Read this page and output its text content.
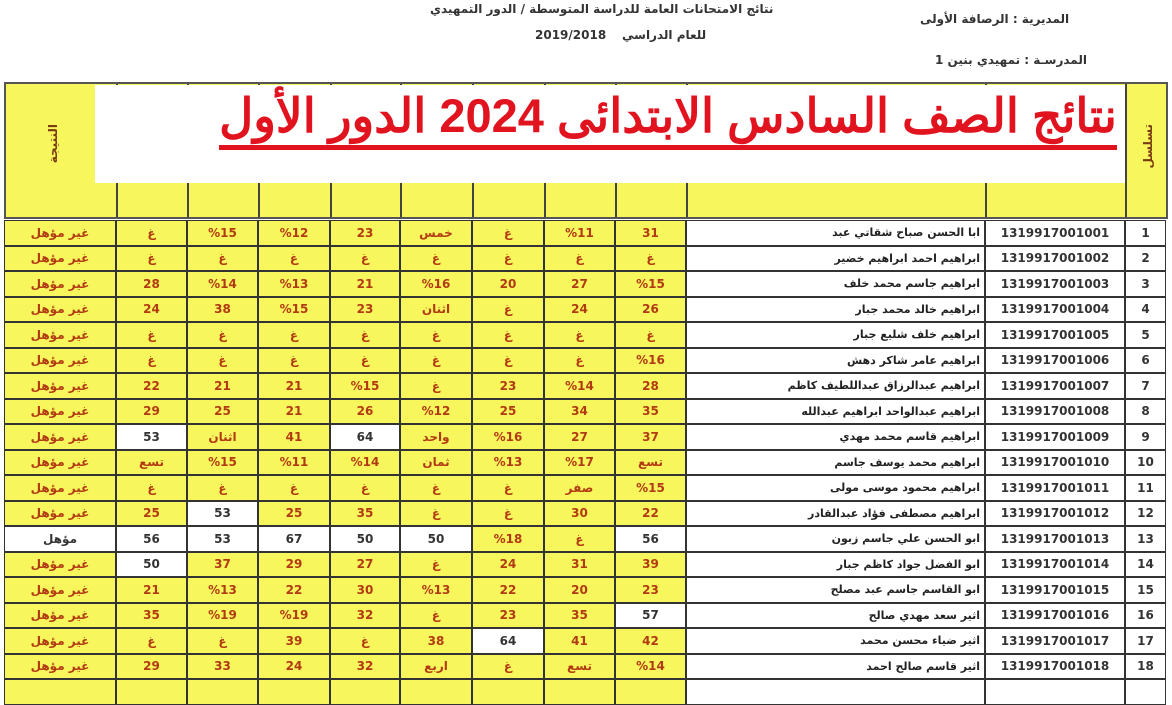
نتائج الامتحانات العامة للدراسة المتوسطة / الدور التمهيدي
للعام الدراسي
2019/2018
المديرية : الرصافة الأولى
المدرسـة : تمهيدي بنين 1
النتيجة	تسلسل
نتائج الصف السادس الابتدائى 2024 الدور الأول
غير مؤهل	غ	%15	%12	23	خمس	غ	%11	31	ابا الحسن صباح شقاتي عبد	1319917001001	1
غير مؤهل	غ	غ	غ	غ	غ	غ	غ	غ	ابراهيم احمد ابراهيم خضير	1319917001002	2
غير مؤهل	28	%14	%13	21	%16	20	27	%15	ابراهيم جاسم محمد خلف	1319917001003	3
غير مؤهل	24	38	%15	23	اثنان	غ	24	26	ابراهيم خالد محمد جبار	1319917001004	4
غير مؤهل	غ	غ	غ	غ	غ	غ	غ	غ	ابراهيم خلف شليع جبار	1319917001005	5
غير مؤهل	غ	غ	غ	غ	غ	غ	غ	%16	ابراهيم عامر شاكر دهش	1319917001006	6
غير مؤهل	22	21	21	%15	غ	23	%14	28	ابراهيم عبدالرزاق عبداللطيف كاظم	1319917001007	7
غير مؤهل	29	25	21	26	%12	25	34	35	ابراهيم عبدالواحد ابراهيم عبدالله	1319917001008	8
غير مؤهل	53	اثنان	41	64	واحد	%16	27	37	ابراهيم قاسم محمد مهدي	1319917001009	9
غير مؤهل	تسع	%15	%11	%14	ثمان	%13	%17	تسع	ابراهيم محمد يوسف جاسم	1319917001010	10
غير مؤهل	غ	غ	غ	غ	غ	غ	صفر	%15	ابراهيم محمود موسى مولى	1319917001011	11
غير مؤهل	25	53	25	35	غ	غ	30	22	ابراهيم مصطفى فؤاد عبدالقادر	1319917001012	12
مؤهل	56	53	67	50	50	%18	غ	56	ابو الحسن علي جاسم زبون	1319917001013	13
غير مؤهل	50	37	29	27	غ	24	31	39	ابو الفضل جواد كاظم جبار	1319917001014	14
غير مؤهل	21	%13	22	30	%13	22	20	23	ابو القاسم جاسم عبد مصلح	1319917001015	15
غير مؤهل	35	%19	%19	32	غ	23	35	57	اثير سعد مهدي صالح	1319917001016	16
غير مؤهل	غ	غ	39	غ	38	64	41	42	اثير ضياء محسن محمد	1319917001017	17
غير مؤهل	29	33	24	32	اربع	غ	تسع	%14	اثير قاسم صالح احمد	1319917001018	18
